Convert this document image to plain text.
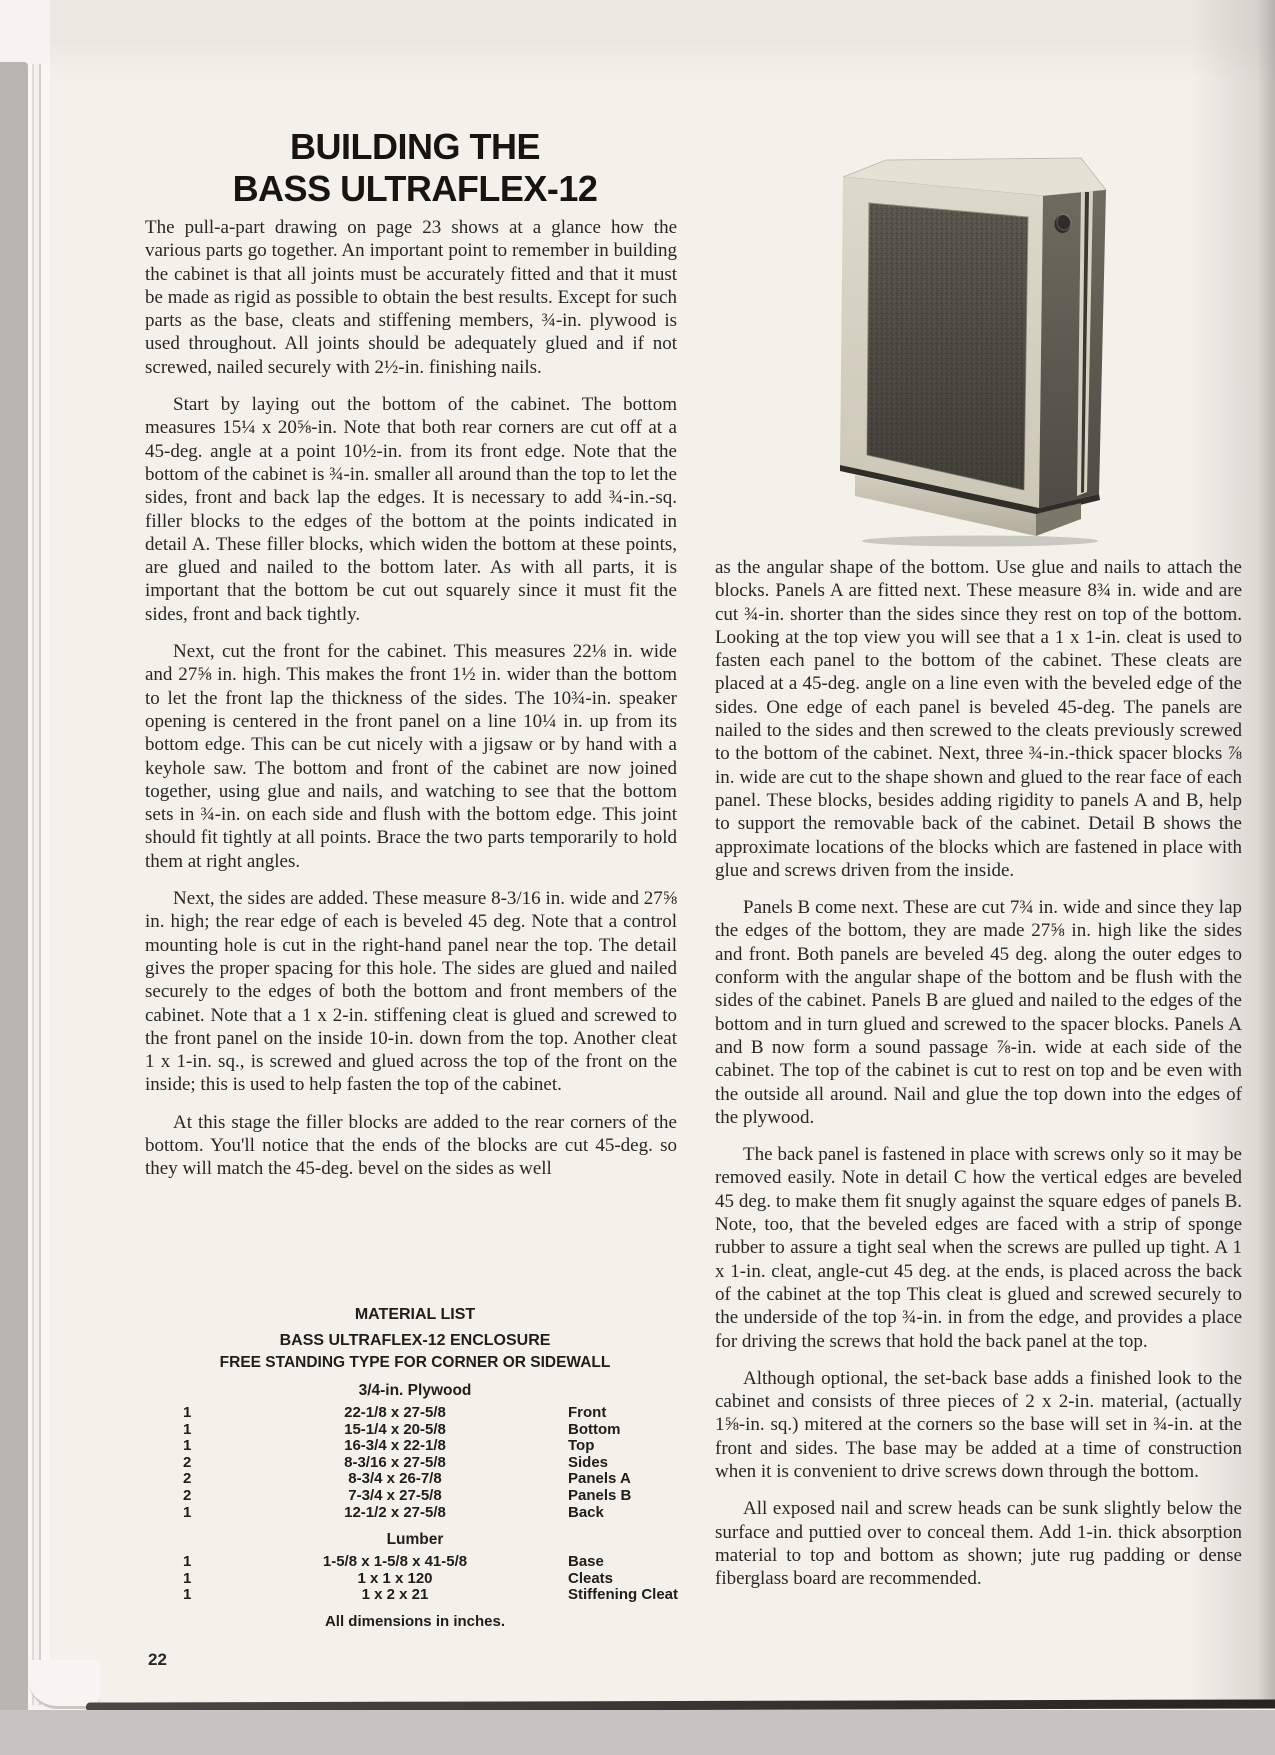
BUILDING THE
BASS ULTRAFLEX-12

The pull-a-part drawing on page 23 shows at a glance how the various parts go together. An important point to remember in building the cabinet is that all joints must be accurately fitted and that it must be made as rigid as possible to obtain the best results. Except for such parts as the base, cleats and stiffening members, ¾-in. plywood is used throughout. All joints should be adequately glued and if not screwed, nailed securely with 2½-in. finishing nails.

Start by laying out the bottom of the cabinet. The bottom measures 15¼ x 20⅝-in. Note that both rear corners are cut off at a 45-deg. angle at a point 10½-in. from its front edge. Note that the bottom of the cabinet is ¾-in. smaller all around than the top to let the sides, front and back lap the edges. It is necessary to add ¾-in.-sq. filler blocks to the edges of the bottom at the points indicated in detail A. These filler blocks, which widen the bottom at these points, are glued and nailed to the bottom later. As with all parts, it is important that the bottom be cut out squarely since it must fit the sides, front and back tightly.

Next, cut the front for the cabinet. This measures 22⅛ in. wide and 27⅝ in. high. This makes the front 1½ in. wider than the bottom to let the front lap the thickness of the sides. The 10¾-in. speaker opening is centered in the front panel on a line 10¼ in. up from its bottom edge. This can be cut nicely with a jigsaw or by hand with a keyhole saw. The bottom and front of the cabinet are now joined together, using glue and nails, and watching to see that the bottom sets in ¾-in. on each side and flush with the bottom edge. This joint should fit tightly at all points. Brace the two parts temporarily to hold them at right angles.

Next, the sides are added. These measure 8-3/16 in. wide and 27⅝ in. high; the rear edge of each is beveled 45 deg. Note that a control mounting hole is cut in the right-hand panel near the top. The detail gives the proper spacing for this hole. The sides are glued and nailed securely to the edges of both the bottom and front members of the cabinet. Note that a 1 x 2-in. stiffening cleat is glued and screwed to the front panel on the inside 10-in. down from the top. Another cleat 1 x 1-in. sq., is screwed and glued across the top of the front on the inside; this is used to help fasten the top of the cabinet.

At this stage the filler blocks are added to the rear corners of the bottom. You'll notice that the ends of the blocks are cut 45-deg. so they will match the 45-deg. bevel on the sides as well

as the angular shape of the bottom. Use glue and nails to attach the blocks. Panels A are fitted next. These measure 8¾ in. wide and are cut ¾-in. shorter than the sides since they rest on top of the bottom. Looking at the top view you will see that a 1 x 1-in. cleat is used to fasten each panel to the bottom of the cabinet. These cleats are placed at a 45-deg. angle on a line even with the beveled edge of the sides. One edge of each panel is beveled 45-deg. The panels are nailed to the sides and then screwed to the cleats previously screwed to the bottom of the cabinet. Next, three ¾-in.-thick spacer blocks ⅞ in. wide are cut to the shape shown and glued to the rear face of each panel. These blocks, besides adding rigidity to panels A and B, help to support the removable back of the cabinet. Detail B shows the approximate locations of the blocks which are fastened in place with glue and screws driven from the inside.

Panels B come next. These are cut 7¾ in. wide and since they lap the edges of the bottom, they are made 27⅝ in. high like the sides and front. Both panels are beveled 45 deg. along the outer edges to conform with the angular shape of the bottom and be flush with the sides of the cabinet. Panels B are glued and nailed to the edges of the bottom and in turn glued and screwed to the spacer blocks. Panels A and B now form a sound passage ⅞-in. wide at each side of the cabinet. The top of the cabinet is cut to rest on top and be even with the outside all around. Nail and glue the top down into the edges of the plywood.

The back panel is fastened in place with screws only so it may be removed easily. Note in detail C how the vertical edges are beveled 45 deg. to make them fit snugly against the square edges of panels B. Note, too, that the beveled edges are faced with a strip of sponge rubber to assure a tight seal when the screws are pulled up tight. A 1 x 1-in. cleat, angle-cut 45 deg. at the ends, is placed across the back of the cabinet at the top This cleat is glued and screwed securely to the underside of the top ¾-in. in from the edge, and provides a place for driving the screws that hold the back panel at the top.

Although optional, the set-back base adds a finished look to the cabinet and consists of three pieces of 2 x 2-in. material, (actually 1⅝-in. sq.) mitered at the corners so the base will set in ¾-in. at the front and sides. The base may be added at a time of construction when it is convenient to drive screws down through the bottom.

All exposed nail and screw heads can be sunk slightly below the surface and puttied over to conceal them. Add 1-in. thick absorption material to top and bottom as shown; jute rug padding or dense fiberglass board are recommended.

MATERIAL LIST
BASS ULTRAFLEX-12 ENCLOSURE
FREE STANDING TYPE FOR CORNER OR SIDEWALL
3/4-in. Plywood
1	22-1/8 x 27-5/8	Front
1	15-1/4 x 20-5/8	Bottom
1	16-3/4 x 22-1/8	Top
2	8-3/16 x 27-5/8	Sides
2	8-3/4 x 26-7/8	Panels A
2	7-3/4 x 27-5/8	Panels B
1	12-1/2 x 27-5/8	Back
Lumber
1	1-5/8 x 1-5/8 x 41-5/8	Base
1	1 x 1 x 120	Cleats
1	1 x 2 x 21	Stiffening Cleat
All dimensions in inches.
22
